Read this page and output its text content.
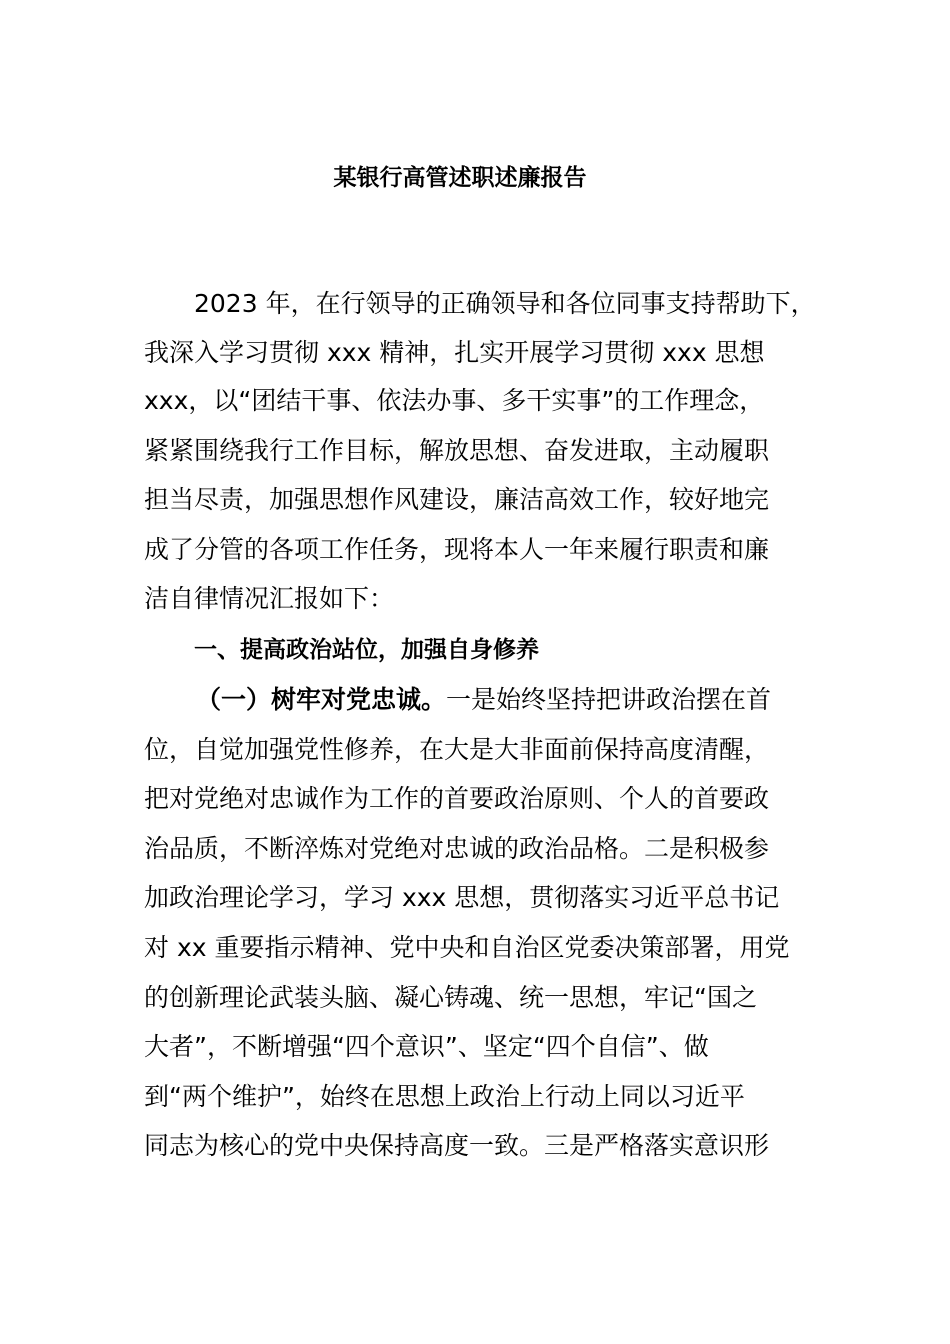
某银行高管述职述廉报告
2023 年，在行领导的正确领导和各位同事支持帮助下，
我深入学习贯彻 xxx 精神，扎实开展学习贯彻 xxx 思想
xxx，以“团结干事、依法办事、多干实事”的工作理念，
紧紧围绕我行工作目标，解放思想、奋发进取，主动履职
担当尽责，加强思想作风建设，廉洁高效工作，较好地完
成了分管的各项工作任务，现将本人一年来履行职责和廉
洁自律情况汇报如下：
一、提高政治站位，加强自身修养
（一）树牢对党忠诚。一是始终坚持把讲政治摆在首
位，自觉加强党性修养，在大是大非面前保持高度清醒，
把对党绝对忠诚作为工作的首要政治原则、个人的首要政
治品质，不断淬炼对党绝对忠诚的政治品格。二是积极参
加政治理论学习，学习 xxx 思想，贯彻落实习近平总书记
对 xx 重要指示精神、党中央和自治区党委决策部署，用党
的创新理论武装头脑、凝心铸魂、统一思想，牢记“国之
大者”，不断增强“四个意识”、坚定“四个自信”、做
到“两个维护”，始终在思想上政治上行动上同以习近平
同志为核心的党中央保持高度一致。三是严格落实意识形
